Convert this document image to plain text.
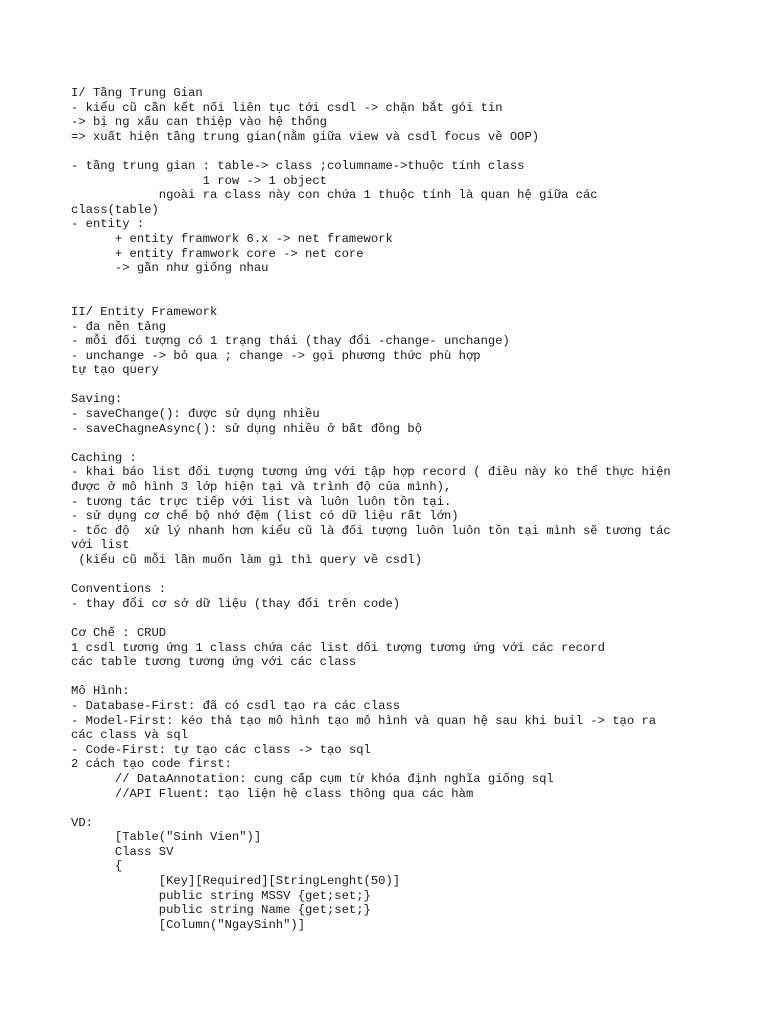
I/ Tầng Trung Gian
- kiểu cũ cần kết nối liên tục tới csdl -> chặn bắt gói tin
-> bị ng xấu can thiệp vào hệ thống
=> xuất hiện tầng trung gian(nằm giữa view và csdl focus về OOP)
- tầng trung gian : table-> class ;columname->thuộc tính class
1 row -> 1 object
ngoài ra class này con chứa 1 thuộc tính là quan hệ giữa các
class(table)
- entity :
+ entity framwork 6.x -> net framework
+ entity framwork core -> net core
-> gần như giống nhau
II/ Entity Framework
- đa nền tảng
- mỗi đối tượng có 1 trạng thái (thay đổi -change- unchange)
- unchange -> bỏ qua ; change -> gọi phương thức phù hợp
tự tạo query
Saving:
- saveChange(): được sử dụng nhiều
- saveChagneAsync(): sử dụng nhiều ở bất đồng bộ
Caching :
- khai báo list đối tượng tương ứng với tập hợp record ( điều này ko thể thực hiện
được ở mô hình 3 lớp hiện tại và trình độ của mình),
- tương tác trực tiếp với list và luôn luôn tồn tại.
- sử dụng cơ chế bộ nhớ đệm (list có dữ liệu rất lớn)
- tốc độ  xử lý nhanh hơn kiểu cũ là đối tượng luôn luôn tồn tại mình sẽ tương tác
với list
(kiểu cũ mỗi lần muốn làm gì thì query về csdl)
Conventions :
- thay đổi cơ sở dữ liệu (thay đổi trên code)
Cơ Chế : CRUD
1 csdl tương ứng 1 class chứa các list dối tượng tương ứng với các record
các table tương tương ứng với các class
Mô Hình:
- Database-First: đã có csdl tạo ra các class
- Model-First: kéo thả tạo mô hình tạo mô hình và quan hệ sau khi buil -> tạo ra
các class và sql
- Code-First: tự tạo các class -> tạo sql
2 cách tạo code first:
// DataAnnotation: cung cấp cụm từ khóa định nghĩa giống sql
//API Fluent: tạo liện hệ class thông qua các hàm
VD:
[Table("Sinh Vien")]
Class SV
{
[Key][Required][StringLenght(50)]
public string MSSV {get;set;}
public string Name {get;set;}
[Column("NgaySinh")]
